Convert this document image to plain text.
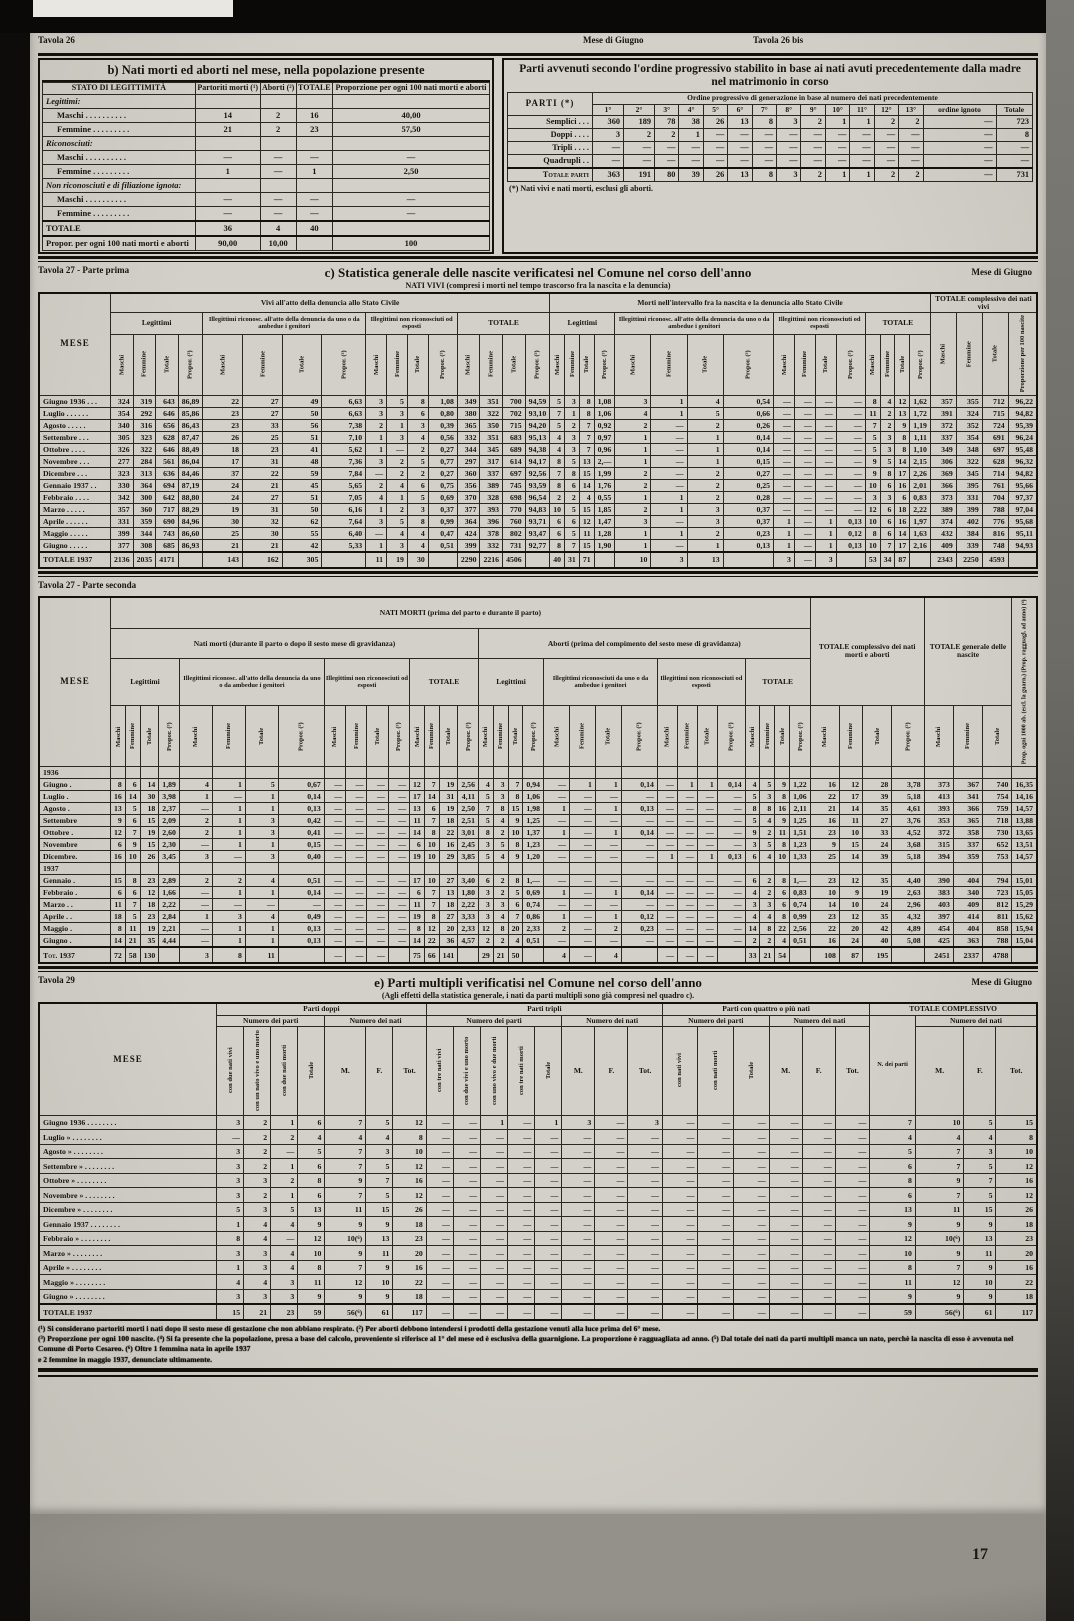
Tavola 26	Mese di Giugno	Tavola 26 bis
b) Nati morti ed aborti nel mese, nella popolazione presente
STATO DI LEGITTIMITÀ	Partoriti morti (¹)	Aborti (²)	TOTALE	Proporzione per ogni 100 nati morti e aborti
Legittimi:				
Maschi . . . . . . . . . .	14	2	16	40,00
Femmine . . . . . . . . .	21	2	23	57,50
Riconosciuti:				
Maschi . . . . . . . . . .	—	—	—	—
Femmine . . . . . . . . .	1	—	1	2,50
Non riconosciuti e di filiazione ignota:				
Maschi . . . . . . . . . .	—	—	—	—
Femmine . . . . . . . . .	—	—	—	—
TOTALE	36	4	40	
Propor. per ogni 100 nati morti e aborti	90,00	10,00		100
Parti avvenuti secondo l'ordine progressivo stabilito in base ai nati avuti precedentemente dalla madre nel matrimonio in corso
PARTI (*)	Ordine progressivo di generazione in base al numero dei nati precedentemente														
	1°	2°	3°	4°	5°	6°	7°	8°	9°	10°	11°	12°	13°	ordine ignoto	Totale
Semplici . . .	360	189	78	38	26	13	8	3	2	1	1	2	2	—	723
Doppi . . . .	3	2	2	1	—	—	—	—	—	—	—	—	—	—	8
Tripli . . . .	—	—	—	—	—	—	—	—	—	—	—	—	—	—	—
Quadrupli . .	—	—	—	—	—	—	—	—	—	—	—	—	—	—	—
Totale parti	363	191	80	39	26	13	8	3	2	1	1	2	2	—	731
(*) Nati vivi e nati morti, esclusi gli aborti.
Tavola 27 - Parte prima	c) Statistica generale delle nascite verificatesi nel Comune nel corso dell'anno	Mese di Giugno
NATI VIVI (compresi i morti nel tempo trascorso fra la nascita e la denuncia)
MESE	Vivi all'atto della denuncia allo Stato Civile																Morti nell'intervallo fra la nascita e la denuncia allo Stato Civile																TOTALE complessivo dei nati vivi			
	Legittimi				Illegittimi riconosc. all'atto della denuncia da uno o da ambedue i genitori				Illegittimi non riconosciuti od esposti				TOTALE				Legittimi				Illegittimi riconosc. all'atto della denuncia da uno o da ambedue i genitori				Illegittimi non riconosciuti od esposti				TOTALE				Maschi	Femmine	Totale	Proporzione per 100 nascite
	Maschi	Femmine	Totale	Propor. (³)	Maschi	Femmine	Totale	Propor. (³)	Maschi	Femmine	Totale	Propor. (³)	Maschi	Femmine	Totale	Propor. (³)	Maschi	Femmine	Totale	Propor. (³)	Maschi	Femmine	Totale	Propor. (³)	Maschi	Femmine	Totale	Propor. (³)	Maschi	Femmine	Totale	Propor. (³)				
Giugno 1936 . . .	324	319	643	86,89	22	27	49	6,63	3	5	8	1,08	349	351	700	94,59	5	3	8	1,08	3	1	4	0,54	—	—	—	—	8	4	12	1,62	357	355	712	96,22
Luglio . . . . . .	354	292	646	85,86	23	27	50	6,63	3	3	6	0,80	380	322	702	93,10	7	1	8	1,06	4	1	5	0,66	—	—	—	—	11	2	13	1,72	391	324	715	94,82
Agosto . . . . .	340	316	656	86,43	23	33	56	7,38	2	1	3	0,39	365	350	715	94,20	5	2	7	0,92	2	—	2	0,26	—	—	—	—	7	2	9	1,19	372	352	724	95,39
Settembre . . .	305	323	628	87,47	26	25	51	7,10	1	3	4	0,56	332	351	683	95,13	4	3	7	0,97	1	—	1	0,14	—	—	—	—	5	3	8	1,11	337	354	691	96,24
Ottobre . . . .	326	322	646	88,49	18	23	41	5,62	1	—	2	0,27	344	345	689	94,38	4	3	7	0,96	1	—	1	0,14	—	—	—	—	5	3	8	1,10	349	348	697	95,48
Novembre . . .	277	284	561	86,04	17	31	48	7,36	3	2	5	0,77	297	317	614	94,17	8	5	13	2,—	1	—	1	0,15	—	—	—	—	9	5	14	2,15	306	322	628	96,32
Dicembre . . .	323	313	636	84,46	37	22	59	7,84	—	2	2	0,27	360	337	697	92,56	7	8	15	1,99	2	—	2	0,27	—	—	—	—	9	8	17	2,26	369	345	714	94,82
Gennaio 1937 . .	330	364	694	87,19	24	21	45	5,65	2	4	6	0,75	356	389	745	93,59	8	6	14	1,76	2	—	2	0,25	—	—	—	—	10	6	16	2,01	366	395	761	95,66
Febbraio . . . .	342	300	642	88,80	24	27	51	7,05	4	1	5	0,69	370	328	698	96,54	2	2	4	0,55	1	1	2	0,28	—	—	—	—	3	3	6	0,83	373	331	704	97,37
Marzo . . . . .	357	360	717	88,29	19	31	50	6,16	1	2	3	0,37	377	393	770	94,83	10	5	15	1,85	2	1	3	0,37	—	—	—	—	12	6	18	2,22	389	399	788	97,04
Aprile . . . . . .	331	359	690	84,96	30	32	62	7,64	3	5	8	0,99	364	396	760	93,71	6	6	12	1,47	3	—	3	0,37	1	—	1	0,13	10	6	16	1,97	374	402	776	95,68
Maggio . . . . .	399	344	743	86,60	25	30	55	6,40	—	4	4	0,47	424	378	802	93,47	6	5	11	1,28	1	1	2	0,23	1	—	1	0,12	8	6	14	1,63	432	384	816	95,11
Giugno . . . . .	377	308	685	86,93	21	21	42	5,33	1	3	4	0,51	399	332	731	92,77	8	7	15	1,90	1	—	1	0,13	1	—	1	0,13	10	7	17	2,16	409	339	748	94,93
TOTALE 1937	2136	2035	4171		143	162	305		11	19	30		2290	2216	4506		40	31	71		10	3	13		3	—	3		53	34	87		2343	2250	4593	
Tavola 27 - Parte seconda
MESE	NATI MORTI (prima del parto e durante il parto)																																TOTALE complessivo dei nati morti e aborti				TOTALE generale delle nascite			Prop. ogni 1000 ab. (escl. la guarn.) (Prop. ragguagl. ad anno) (⁴)
	Nati morti (durante il parto o dopo il sesto mese di gravidanza)																Aborti (prima del compimento del sesto mese di gravidanza)																							
	Legittimi				Illegittimi riconosc. all'atto della denuncia da uno o da ambedue i genitori				Illegittimi non riconosciuti od esposti				TOTALE				Legittimi				Illegittimi riconosciuti da uno o da ambedue i genitori				Illegittimi non riconosciuti od esposti				TOTALE											
	Maschi	Femmine	Totale	Propor. (³)	Maschi	Femmine	Totale	Propor. (³)	Maschi	Femmine	Totale	Propor. (³)	Maschi	Femmine	Totale	Propor. (³)	Maschi	Femmine	Totale	Propor. (³)	Maschi	Femmine	Totale	Propor. (³)	Maschi	Femmine	Totale	Propor. (³)	Maschi	Femmine	Totale	Propor. (³)	Maschi	Femmine	Totale	Propor. (³)	Maschi	Femmine	Totale	
1936																																								
Giugno .	8	6	14	1,89	4	1	5	0,67	—	—	—	—	12	7	19	2,56	4	3	7	0,94	—	1	1	0,14	—	1	1	0,14	4	5	9	1,22	16	12	28	3,78	373	367	740	16,35
Luglio .	16	14	30	3,98	1	—	1	0,14	—	—	—	—	17	14	31	4,11	5	3	8	1,06	—	—	—	—	—	—	—	—	5	3	8	1,06	22	17	39	5,18	413	341	754	14,16
Agosto .	13	5	18	2,37	—	1	1	0,13	—	—	—	—	13	6	19	2,50	7	8	15	1,98	1	—	1	0,13	—	—	—	—	8	8	16	2,11	21	14	35	4,61	393	366	759	14,57
Settembre	9	6	15	2,09	2	1	3	0,42	—	—	—	—	11	7	18	2,51	5	4	9	1,25	—	—	—	—	—	—	—	—	5	4	9	1,25	16	11	27	3,76	353	365	718	13,88
Ottobre .	12	7	19	2,60	2	1	3	0,41	—	—	—	—	14	8	22	3,01	8	2	10	1,37	1	—	1	0,14	—	—	—	—	9	2	11	1,51	23	10	33	4,52	372	358	730	13,65
Novembre	6	9	15	2,30	—	1	1	0,15	—	—	—	—	6	10	16	2,45	3	5	8	1,23	—	—	—	—	—	—	—	—	3	5	8	1,23	9	15	24	3,68	315	337	652	13,51
Dicembre.	16	10	26	3,45	3	—	3	0,40	—	—	—	—	19	10	29	3,85	5	4	9	1,20	—	—	—	—	1	—	1	0,13	6	4	10	1,33	25	14	39	5,18	394	359	753	14,57
1937																																								
Gennaio .	15	8	23	2,89	2	2	4	0,51	—	—	—	—	17	10	27	3,40	6	2	8	1,—	—	—	—	—	—	—	—	—	6	2	8	1,—	23	12	35	4,40	390	404	794	15,01
Febbraio .	6	6	12	1,66	—	1	1	0,14	—	—	—	—	6	7	13	1,80	3	2	5	0,69	1	—	1	0,14	—	—	—	—	4	2	6	0,83	10	9	19	2,63	383	340	723	15,05
Marzo . .	11	7	18	2,22	—	—	—	—	—	—	—	—	11	7	18	2,22	3	3	6	0,74	—	—	—	—	—	—	—	—	3	3	6	0,74	14	10	24	2,96	403	409	812	15,29
Aprile . .	18	5	23	2,84	1	3	4	0,49	—	—	—	—	19	8	27	3,33	3	4	7	0,86	1	—	1	0,12	—	—	—	—	4	4	8	0,99	23	12	35	4,32	397	414	811	15,62
Maggio .	8	11	19	2,21	—	1	1	0,13	—	—	—	—	8	12	20	2,33	12	8	20	2,33	2	—	2	0,23	—	—	—	—	14	8	22	2,56	22	20	42	4,89	454	404	858	15,94
Giugno .	14	21	35	4,44	—	1	1	0,13	—	—	—	—	14	22	36	4,57	2	2	4	0,51	—	—	—	—	—	—	—	—	2	2	4	0,51	16	24	40	5,08	425	363	788	15,04
Tot. 1937	72	58	130		3	8	11		—	—	—		75	66	141		29	21	50		4	—	4		—	—	—		33	21	54		108	87	195		2451	2337	4788	
Tavola 29	e) Parti multipli verificatisi nel Comune nel corso dell'anno	Mese di Giugno
(Agli effetti della statistica generale, i nati da parti multipli sono già compresi nel quadro c).
MESE	Parti doppi							Parti tripli								Parti con quattro o più nati						TOTALE COMPLESSIVO			
	Numero dei parti				Numero dei nati			Numero dei parti					Numero dei nati			Numero dei parti			Numero dei nati			N. dei parti	Numero dei nati		
	con due nati vivi	con un nato vivo e uno morto	con due nati morti	Totale	M.	F.	Tot.	con tre nati vivi	con due vivi e uno morto	con uno vivo e due morti	con tre nati morti	Totale	M.	F.	Tot.	con nati vivi	con nati morti	Totale	M.	F.	Tot.		M.	F.	Tot.
Giugno 1936 . . . . . . . .	3	2	1	6	7	5	12	—	—	1	—	1	3	—	3	—	—	—	—	—	—	7	10	5	15
Luglio » . . . . . . . .	—	2	2	4	4	4	8	—	—	—	—	—	—	—	—	—	—	—	—	—	—	4	4	4	8
Agosto » . . . . . . . .	3	2	—	5	7	3	10	—	—	—	—	—	—	—	—	—	—	—	—	—	—	5	7	3	10
Settembre » . . . . . . . .	3	2	1	6	7	5	12	—	—	—	—	—	—	—	—	—	—	—	—	—	—	6	7	5	12
Ottobre » . . . . . . . .	3	3	2	8	9	7	16	—	—	—	—	—	—	—	—	—	—	—	—	—	—	8	9	7	16
Novembre » . . . . . . . .	3	2	1	6	7	5	12	—	—	—	—	—	—	—	—	—	—	—	—	—	—	6	7	5	12
Dicembre » . . . . . . . .	5	3	5	13	11	15	26	—	—	—	—	—	—	—	—	—	—	—	—	—	—	13	11	15	26
Gennaio 1937 . . . . . . . .	1	4	4	9	9	9	18	—	—	—	—	—	—	—	—	—	—	—	—	—	—	9	9	9	18
Febbraio » . . . . . . . .	8	4	—	12	10(⁶)	13	23	—	—	—	—	—	—	—	—	—	—	—	—	—	—	12	10(⁶)	13	23
Marzo » . . . . . . . .	3	3	4	10	9	11	20	—	—	—	—	—	—	—	—	—	—	—	—	—	—	10	9	11	20
Aprile » . . . . . . . .	1	3	4	8	7	9	16	—	—	—	—	—	—	—	—	—	—	—	—	—	—	8	7	9	16
Maggio » . . . . . . . .	4	4	3	11	12	10	22	—	—	—	—	—	—	—	—	—	—	—	—	—	—	11	12	10	22
Giugno » . . . . . . . .	3	3	3	9	9	9	18	—	—	—	—	—	—	—	—	—	—	—	—	—	—	9	9	9	18
TOTALE 1937	15	21	23	59	56(⁶)	61	117	—	—	—	—	—	—	—	—	—	—	—	—	—	—	59	56(⁶)	61	117
(¹) Si considerano partoriti morti i nati dopo il sesto mese di gestazione che non abbiano respirato. (²) Per aborti debbono intendersi i prodotti della gestazione venuti alla luce prima del 6° mese.
(³) Proporzione per ogni 100 nascite. (⁴) Si fa presente che la popolazione, presa a base del calcolo, proveniente si riferisce al 1° del mese ed è esclusiva della guarnigione. La proporzione è ragguagliata ad anno. (⁵) Dal totale dei nati da parti multipli manca un nato, perchè la nascita di esso è avvenuta nel Comune di Porto Cesareo. (⁶) Oltre 1 femmina nata in aprile 1937
e 2 femmine in maggio 1937, denunciate ultimamente.
17
